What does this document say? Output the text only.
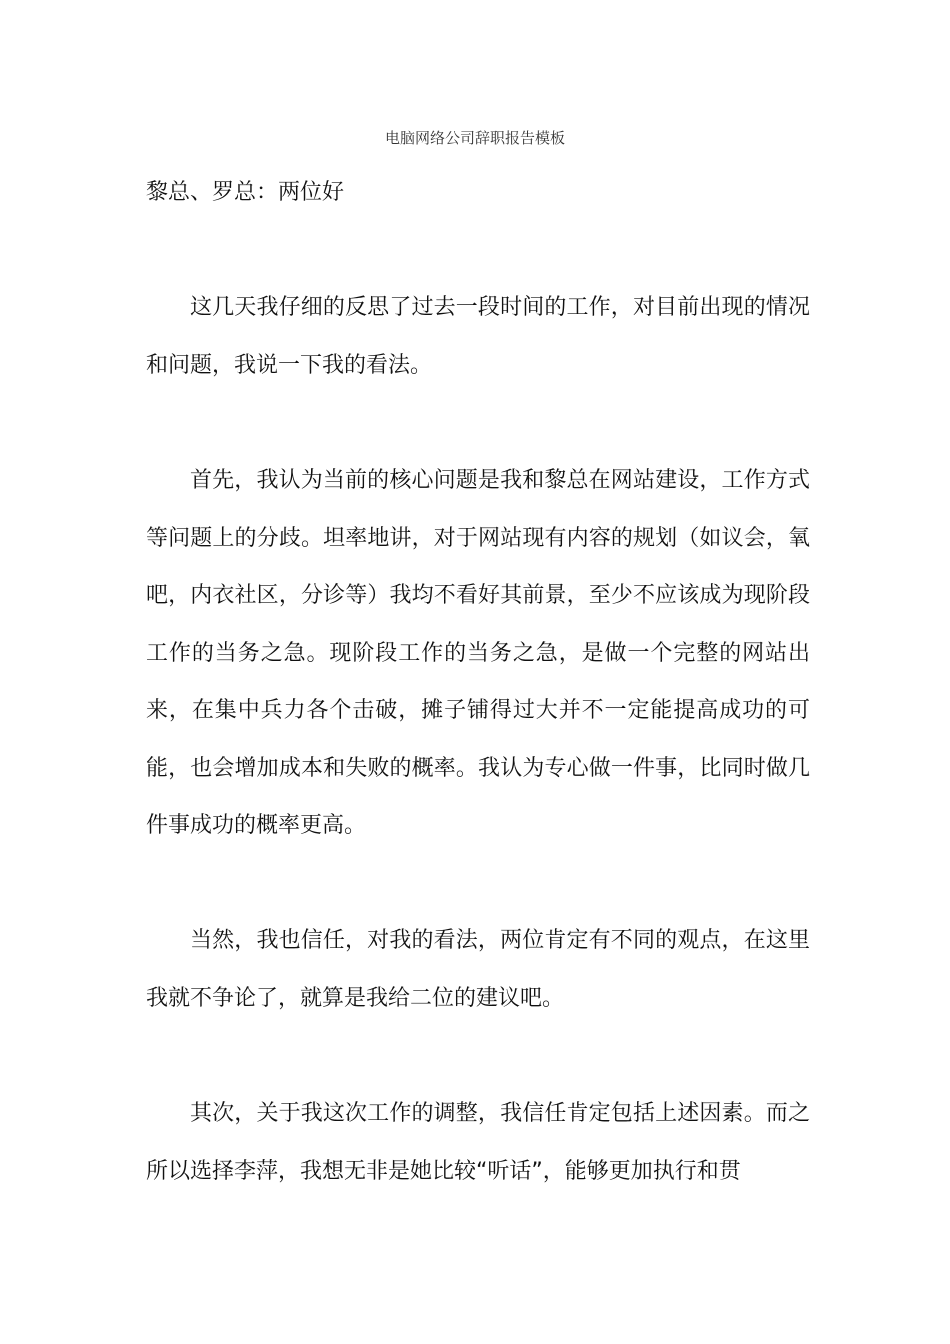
电脑网络公司辞职报告模板

黎总、罗总：两位好

这几天我仔细的反思了过去一段时间的工作，对目前出现的情况和问题，我说一下我的看法。

首先，我认为当前的核心问题是我和黎总在网站建设，工作方式等问题上的分歧。坦率地讲，对于网站现有内容的规划（如议会，氧吧，内衣社区，分诊等）我均不看好其前景，至少不应该成为现阶段工作的当务之急。现阶段工作的当务之急，是做一个完整的网站出来，在集中兵力各个击破，摊子铺得过大并不一定能提高成功的可能，也会增加成本和失败的概率。我认为专心做一件事，比同时做几件事成功的概率更高。

当然，我也信任，对我的看法，两位肯定有不同的观点，在这里我就不争论了，就算是我给二位的建议吧。

其次，关于我这次工作的调整，我信任肯定包括上述因素。而之所以选择李萍，我想无非是她比较“听话”，能够更加执行和贯
